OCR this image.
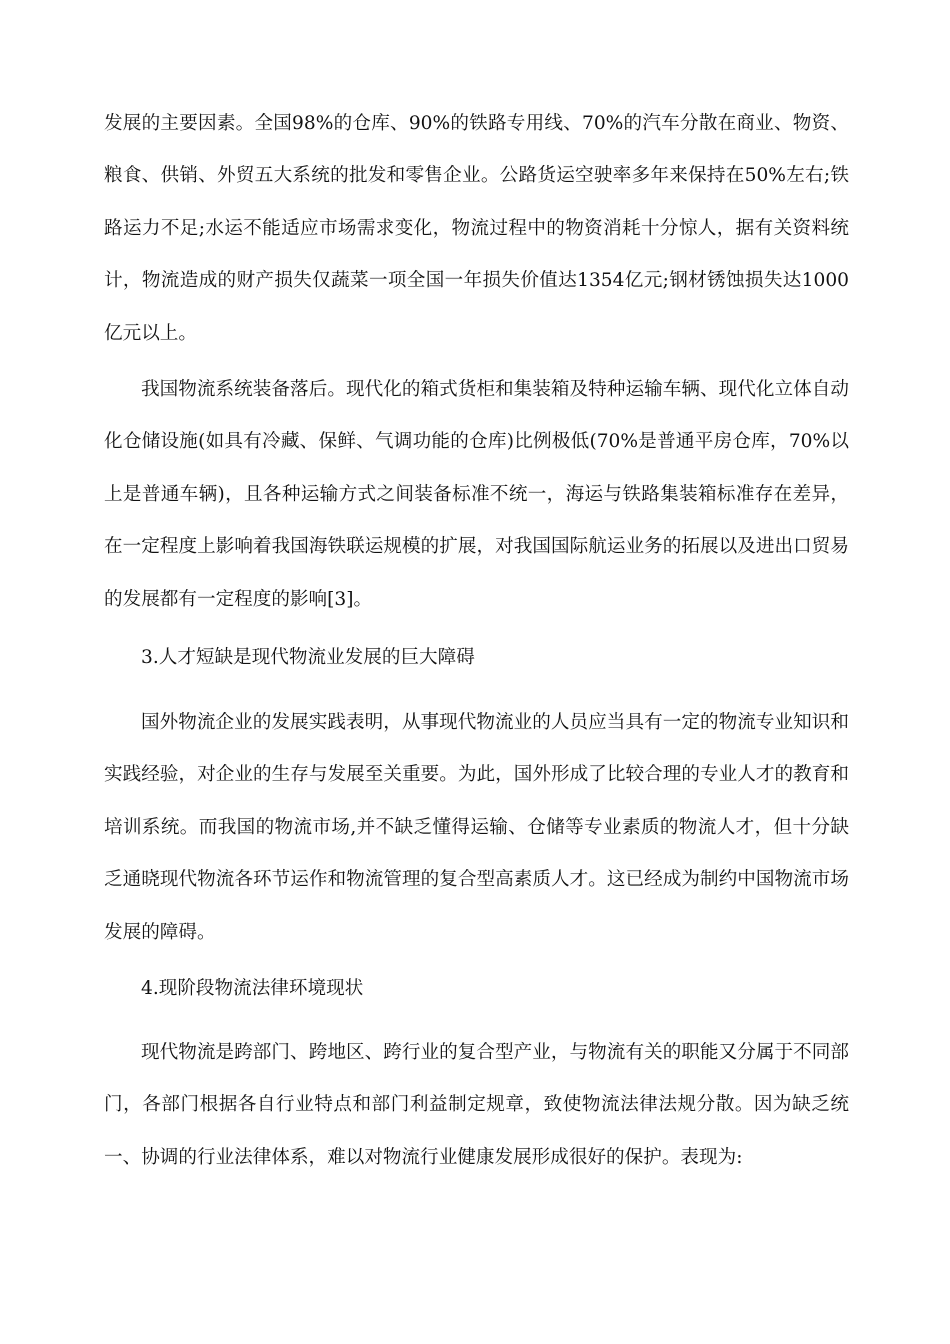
发展的主要因素。全国98%的仓库、90%的铁路专用线、70%的汽车分散在商业、物资、粮食、供销、外贸五大系统的批发和零售企业。公路货运空驶率多年来保持在50%左右;铁路运力不足;水运不能适应市场需求变化，物流过程中的物资消耗十分惊人，据有关资料统计，物流造成的财产损失仅蔬菜一项全国一年损失价值达1354亿元;钢材锈蚀损失达1000亿元以上。

我国物流系统装备落后。现代化的箱式货柜和集装箱及特种运输车辆、现代化立体自动化仓储设施(如具有冷藏、保鲜、气调功能的仓库)比例极低(70%是普通平房仓库，70%以上是普通车辆)，且各种运输方式之间装备标准不统一，海运与铁路集装箱标准存在差异，在一定程度上影响着我国海铁联运规模的扩展，对我国国际航运业务的拓展以及进出口贸易的发展都有一定程度的影响[3]。

3.人才短缺是现代物流业发展的巨大障碍

国外物流企业的发展实践表明，从事现代物流业的人员应当具有一定的物流专业知识和实践经验，对企业的生存与发展至关重要。为此，国外形成了比较合理的专业人才的教育和培训系统。而我国的物流市场,并不缺乏懂得运输、仓储等专业素质的物流人才，但十分缺乏通晓现代物流各环节运作和物流管理的复合型高素质人才。这已经成为制约中国物流市场发展的障碍。

4.现阶段物流法律环境现状

现代物流是跨部门、跨地区、跨行业的复合型产业，与物流有关的职能又分属于不同部门，各部门根据各自行业特点和部门利益制定规章，致使物流法律法规分散。因为缺乏统一、协调的行业法律体系，难以对物流行业健康发展形成很好的保护。表现为:
